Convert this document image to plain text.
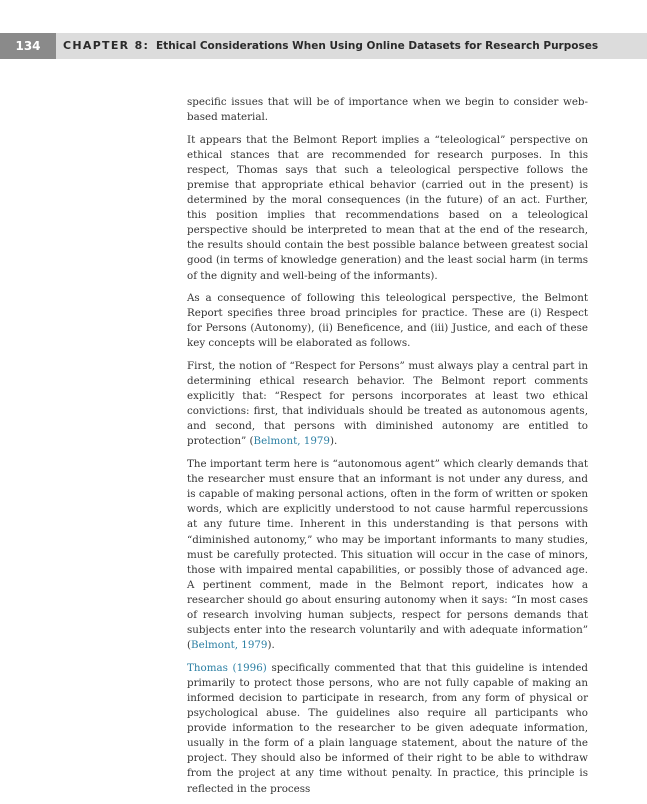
134	CHAPTER 8: Ethical Considerations When Using Online Datasets for Research Purposes

specific issues that will be of importance when we begin to consider web-based material.

It appears that the Belmont Report implies a “teleological” perspective on ethical stances that are recommended for research purposes. In this respect, Thomas says that such a teleological perspective follows the premise that appropriate ethical behavior (carried out in the present) is determined by the moral consequences (in the future) of an act. Further, this position implies that recommendations based on a teleological perspective should be interpreted to mean that at the end of the research, the results should contain the best possible balance between greatest social good (in terms of knowledge generation) and the least social harm (in terms of the dignity and well-being of the informants).

As a consequence of following this teleological perspective, the Belmont Report specifies three broad principles for practice. These are (i) Respect for Persons (Autonomy), (ii) Beneficence, and (iii) Justice, and each of these key concepts will be elaborated as follows.

First, the notion of “Respect for Persons” must always play a central part in determining ethical research behavior. The Belmont report comments explicitly that: “Respect for persons incorporates at least two ethical convictions: first, that individuals should be treated as autonomous agents, and second, that persons with diminished autonomy are entitled to protection” (Belmont, 1979).

The important term here is “autonomous agent” which clearly demands that the researcher must ensure that an informant is not under any duress, and is capable of making personal actions, often in the form of written or spoken words, which are explicitly understood to not cause harmful repercussions at any future time. Inherent in this understanding is that persons with “diminished autonomy,” who may be important informants to many studies, must be carefully protected. This situation will occur in the case of minors, those with impaired mental capabilities, or possibly those of advanced age. A pertinent comment, made in the Belmont report, indicates how a researcher should go about ensuring autonomy when it says: “In most cases of research involving human subjects, respect for persons demands that subjects enter into the research voluntarily and with adequate information” (Belmont, 1979).

Thomas (1996) specifically commented that that this guideline is intended primarily to protect those persons, who are not fully capable of making an informed decision to participate in research, from any form of physical or psychological abuse. The guidelines also require all participants who provide information to the researcher to be given adequate information, usually in the form of a plain language statement, about the nature of the project. They should also be informed of their right to be able to withdraw from the project at any time without penalty. In practice, this principle is reflected in the process
